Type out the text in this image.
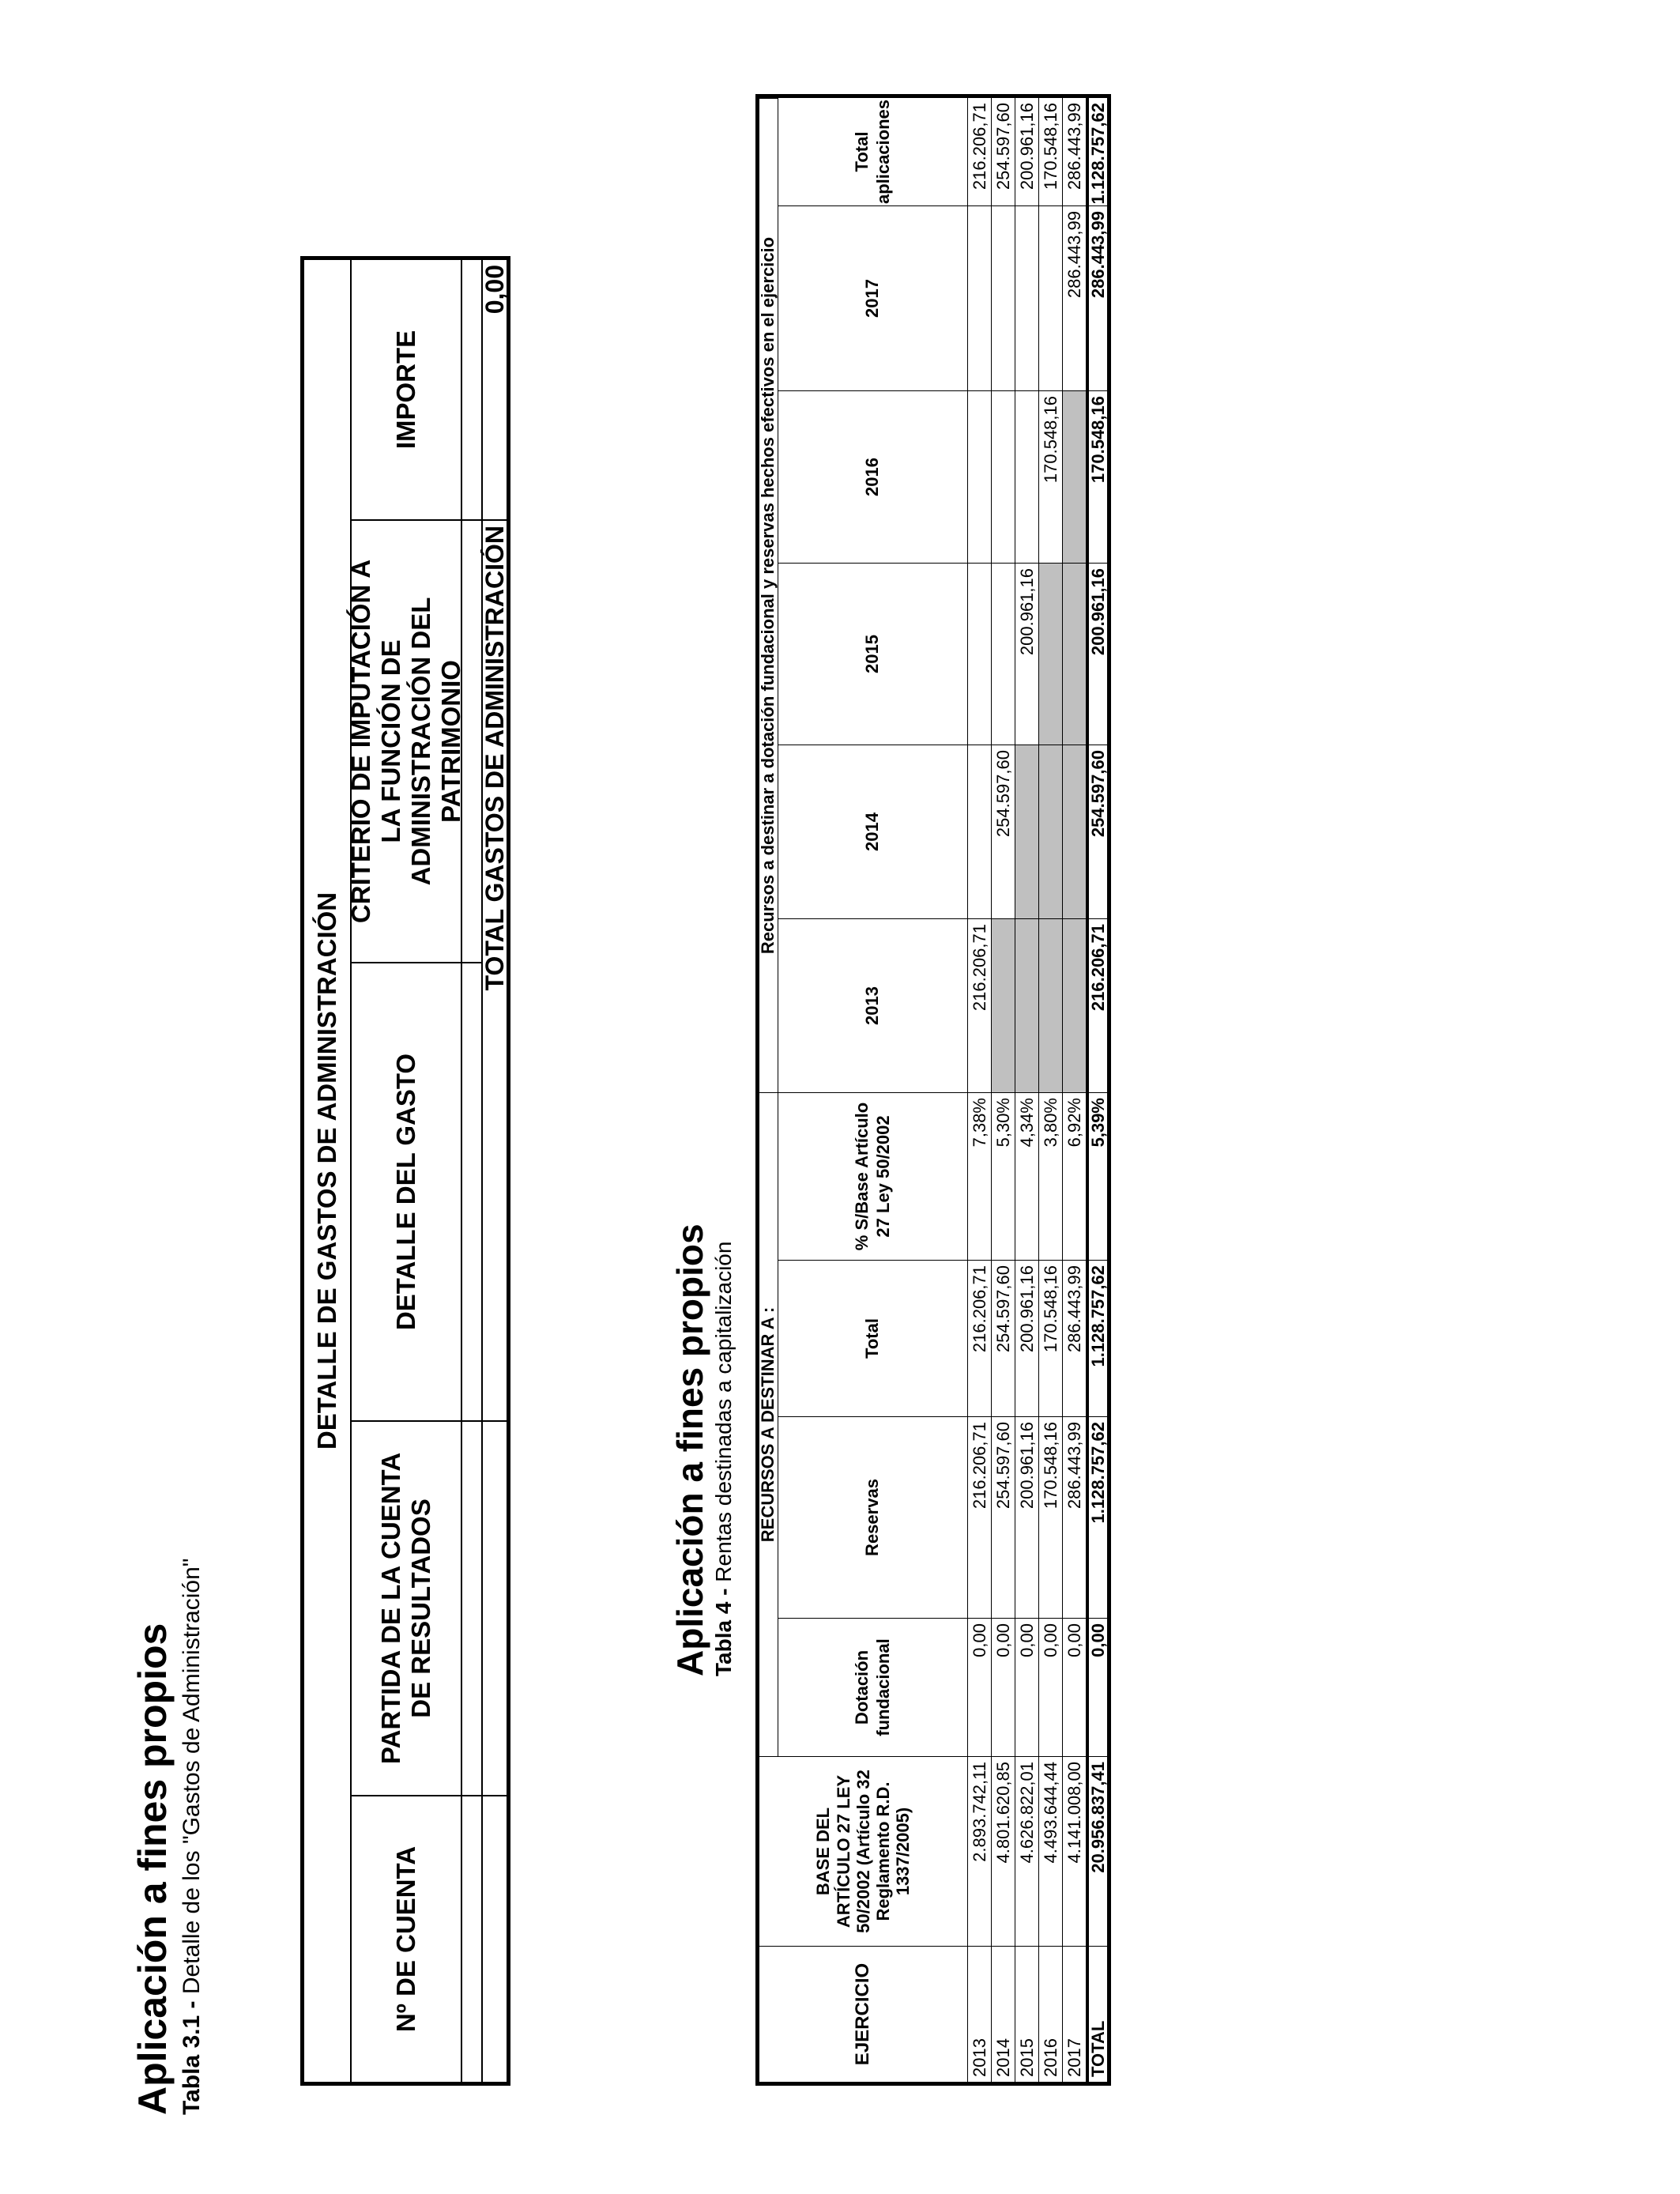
Aplicación a fines propios Tabla 3.1 - Detalle de los "Gastos de Administración"
DETALLE DE GASTOS DE ADMINISTRACIÓN
Nº DE CUENTA
PARTIDA DE LA CUENTA DE RESULTADOS
DETALLE DEL GASTO
CRITERIO DE IMPUTACIÓN A LA FUNCIÓN DE ADMINISTRACIÓN DEL PATRIMONIO
IMPORTE
TOTAL GASTOS DE ADMINISTRACIÓN
0,00
Aplicación a fines propios Tabla 4 - Rentas destinadas a capitalización RECURSOS A DESTINAR A :
Recursos a destinar a dotación fundacional y reservas hechos efectivos en el ejercicio
EJERCICIO
BASE DEL ARTÍCULO 27 LEY 50/2002 (Artículo 32 Reglamento R.D. 1337/2005)
Dotación fundacional
Reservas
Total
% S/Base Artículo 27 Ley 50/2002
2013
2014
2015
2016
2017
Total aplicaciones
2013
2.893.742,11
0,00
216.206,71
216.206,71
7,38%
216.206,71
216.206,71
2014
4.801.620,85
0,00
254.597,60
254.597,60
5,30%
254.597,60
254.597,60
2015
4.626.822,01
0,00
200.961,16
200.961,16
4,34%
200.961,16
200.961,16
2016
4.493.644,44
0,00
170.548,16
170.548,16
3,80%
170.548,16
170.548,16
2017
4.141.008,00
0,00
286.443,99
286.443,99
6,92%
286.443,99
286.443,99
TOTAL
20.956.837,41
0,00
1.128.757,62
1.128.757,62
5,39%
216.206,71
254.597,60
200.961,16
170.548,16
286.443,99
1.128.757,62
